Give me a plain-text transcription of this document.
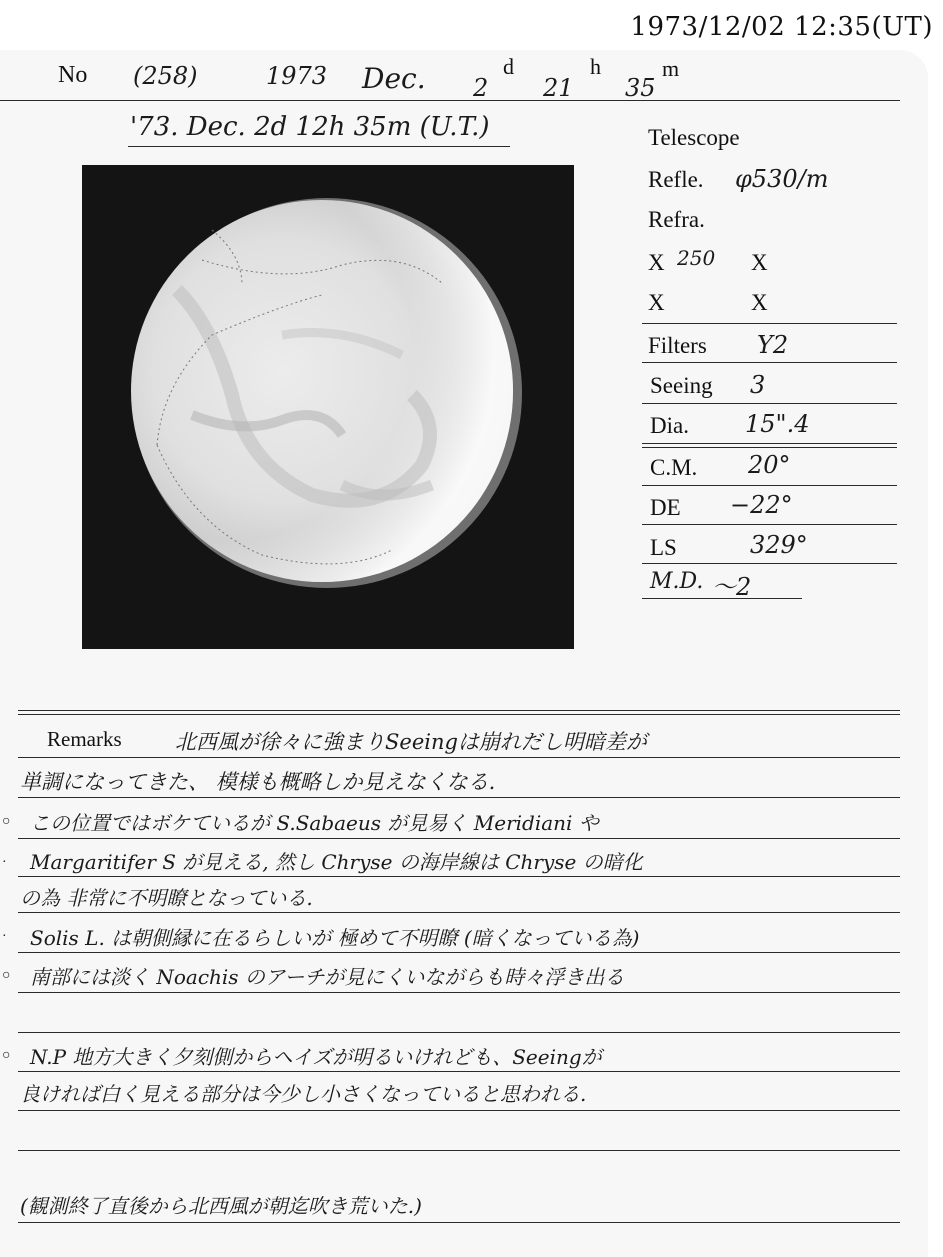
1973/12/02 12:35(UT)
No (258)	1973 Dec.	d
2
h
21
m
35
'73. Dec. 2d 12h 35m (U.T.)	Telescope
Refle. φ530/m
Refra.
X 250 X
X	X
Filters Y2
Seeing 3
Dia. 15".4
C.M. 20°
DE −22°
LS	329°
M.D. 〜2
Remarks	北西風が徐々に強まりSeeingは崩れだし明暗差が
単調になってきた、 模様も概略しか見えなくなる.
○ この位置ではボケているが S.Sabaeus が見易く Meridiani や
· Margaritifer S が見える, 然し Chryse の海岸線は Chryse の暗化
の為 非常に不明瞭となっている.
· Solis L. は朝側縁に在るらしいが 極めて不明瞭 (暗くなっている為)
○ 南部には淡く Noachis のアーチが見にくいながらも時々浮き出る
○ N.P 地方大きく夕刻側からヘイズが明るいけれども、Seeingが
良ければ白く見える部分は今少し小さくなっていると思われる.
(観測終了直後から北西風が朝迄吹き荒いた.)
